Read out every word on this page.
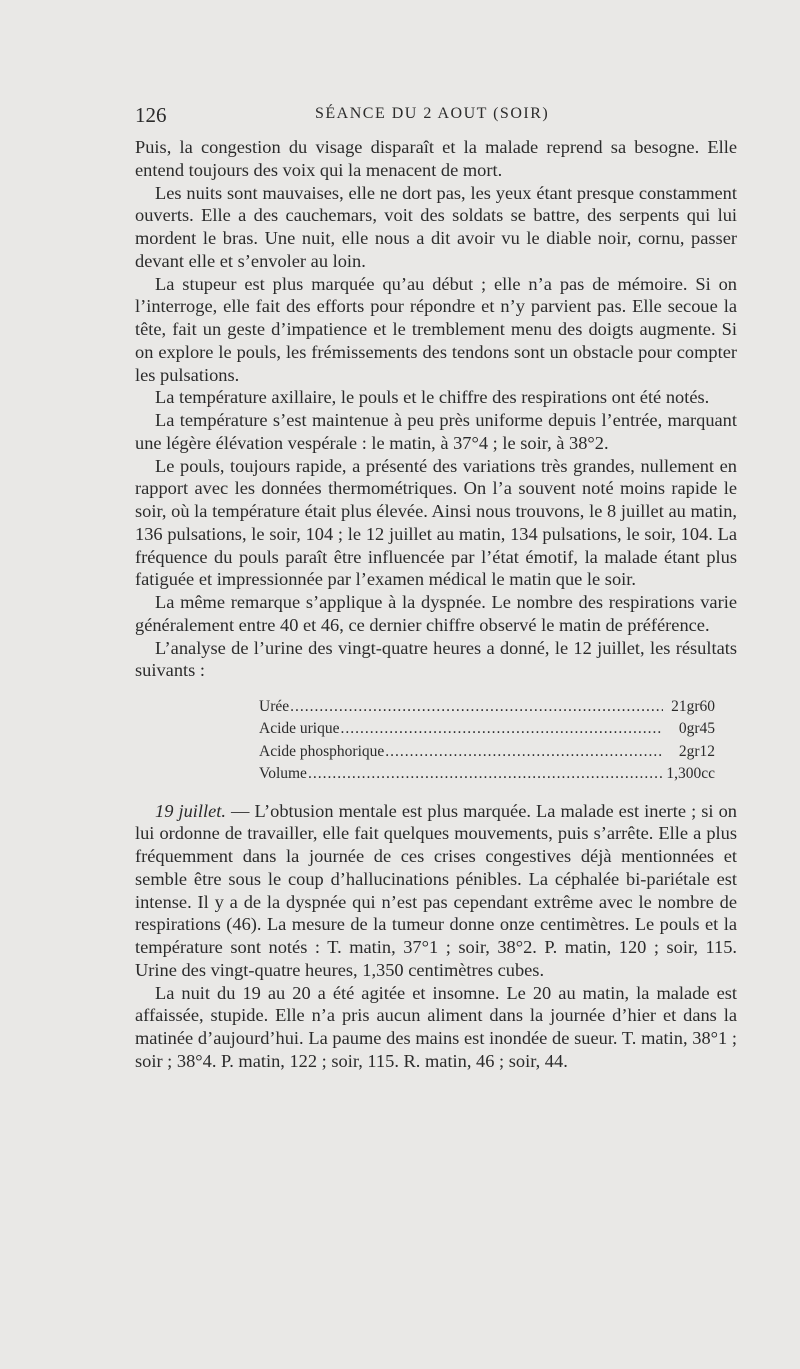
126	SÉANCE DU 2 AOUT (SOIR)

Puis, la congestion du visage disparaît et la malade reprend sa besogne. Elle entend toujours des voix qui la menacent de mort.

Les nuits sont mauvaises, elle ne dort pas, les yeux étant presque constamment ouverts. Elle a des cauchemars, voit des soldats se battre, des serpents qui lui mordent le bras. Une nuit, elle nous a dit avoir vu le diable noir, cornu, passer devant elle et s’envoler au loin.

La stupeur est plus marquée qu’au début ; elle n’a pas de mémoire. Si on l’interroge, elle fait des efforts pour répondre et n’y parvient pas. Elle secoue la tête, fait un geste d’impatience et le tremblement menu des doigts augmente. Si on explore le pouls, les frémissements des tendons sont un obstacle pour compter les pulsations.

La température axillaire, le pouls et le chiffre des respirations ont été notés.

La température s’est maintenue à peu près uniforme depuis l’entrée, marquant une légère élévation vespérale : le matin, à 37°4 ; le soir, à 38°2.

Le pouls, toujours rapide, a présenté des variations très grandes, nullement en rapport avec les données thermométriques. On l’a souvent noté moins rapide le soir, où la température était plus élevée. Ainsi nous trouvons, le 8 juillet au matin, 136 pulsations, le soir, 104 ; le 12 juillet au matin, 134 pulsations, le soir, 104. La fréquence du pouls paraît être influencée par l’état émotif, la malade étant plus fatiguée et impressionnée par l’examen médical le matin que le soir.

La même remarque s’applique à la dyspnée. Le nombre des respirations varie généralement entre 40 et 46, ce dernier chiffre observé le matin de préférence.

L’analyse de l’urine des vingt-quatre heures a donné, le 12 juillet, les résultats suivants :

Urée .....	21gr60
Acide urique .....	0gr45
Acide phosphorique .....	2gr12
Volume .....	1,300cc

19 juillet. — L’obtusion mentale est plus marquée. La malade est inerte ; si on lui ordonne de travailler, elle fait quelques mouvements, puis s’arrête. Elle a plus fréquemment dans la journée de ces crises congestives déjà mentionnées et semble être sous le coup d’hallucinations pénibles. La céphalée bi-pariétale est intense. Il y a de la dyspnée qui n’est pas cependant extrême avec le nombre de respirations (46). La mesure de la tumeur donne onze centimètres. Le pouls et la température sont notés : T. matin, 37°1 ; soir, 38°2. P. matin, 120 ; soir, 115. Urine des vingt-quatre heures, 1,350 centimètres cubes.

La nuit du 19 au 20 a été agitée et insomne. Le 20 au matin, la malade est affaissée, stupide. Elle n’a pris aucun aliment dans la journée d’hier et dans la matinée d’aujourd’hui. La paume des mains est inondée de sueur. T. matin, 38°1 ; soir ; 38°4. P. matin, 122 ; soir, 115. R. matin, 46 ; soir, 44.
